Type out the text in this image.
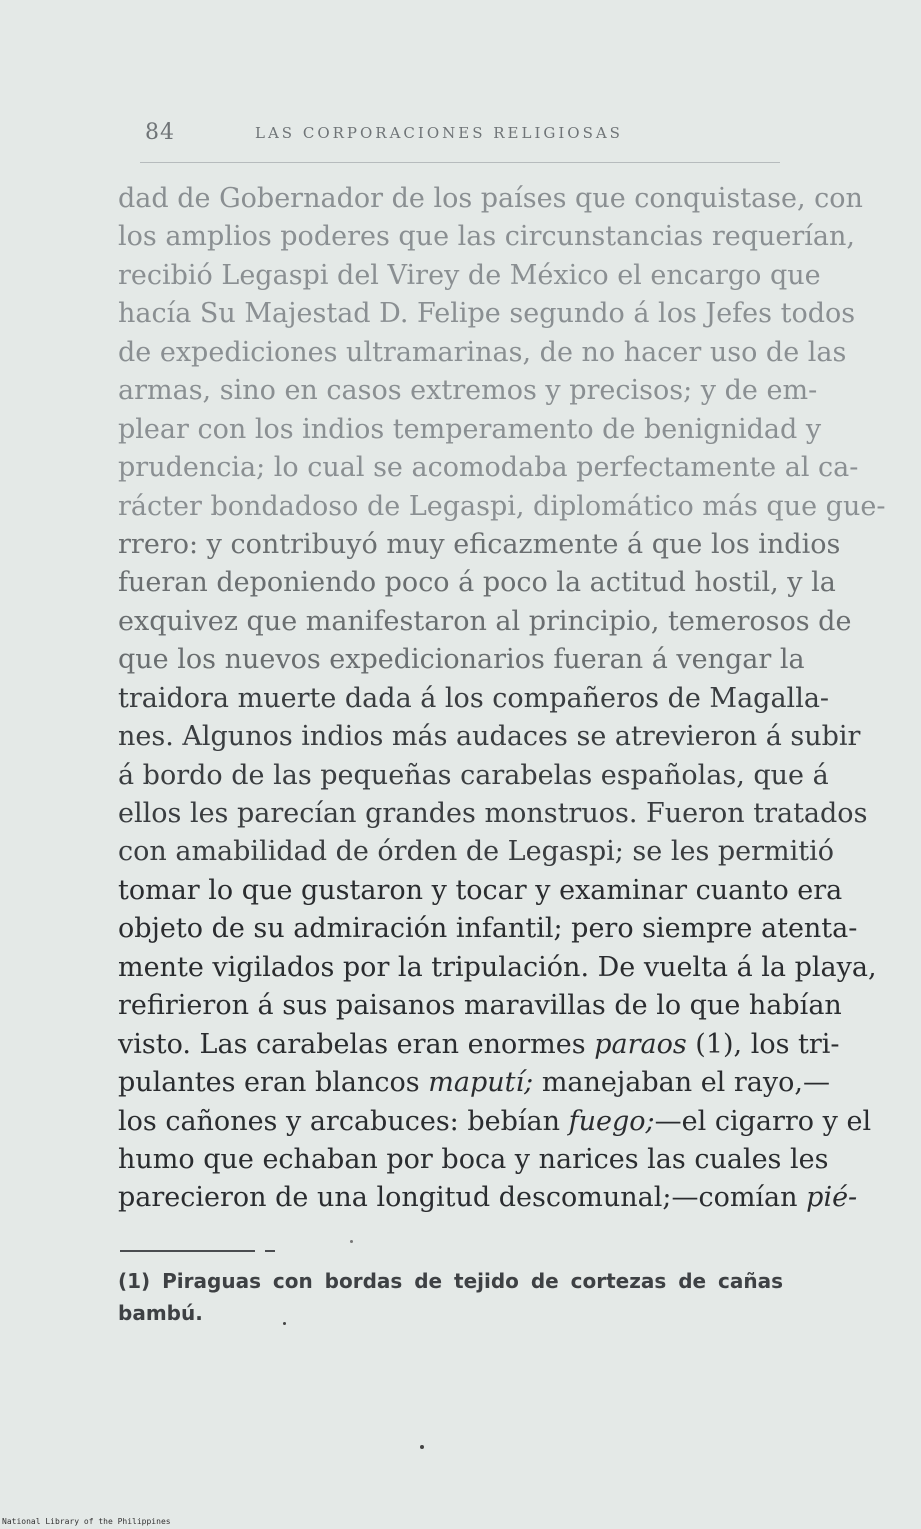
84	LAS CORPORACIONES RELIGIOSAS
dad de Gobernador de los países que conquistase, con
los amplios poderes que las circunstancias requerían,
recibió Legaspi del Virey de México el encargo que
hacía Su Majestad D. Felipe segundo á los Jefes todos
de expediciones ultramarinas, de no hacer uso de las
armas, sino en casos extremos y precisos; y de em-
plear con los indios temperamento de benignidad y
prudencia; lo cual se acomodaba perfectamente al ca-
rácter bondadoso de Legaspi, diplomático más que gue-
rrero: y contribuyó muy eficazmente á que los indios
fueran deponiendo poco á poco la actitud hostil, y la
exquivez que manifestaron al principio, temerosos de
que los nuevos expedicionarios fueran á vengar la
traidora muerte dada á los compañeros de Magalla-
nes. Algunos indios más audaces se atrevieron á subir
á bordo de las pequeñas carabelas españolas, que á
ellos les parecían grandes monstruos. Fueron tratados
con amabilidad de órden de Legaspi; se les permitió
tomar lo que gustaron y tocar y examinar cuanto era
objeto de su admiración infantil; pero siempre atenta-
mente vigilados por la tripulación. De vuelta á la playa,
refirieron á sus paisanos maravillas de lo que habían
visto. Las carabelas eran enormes paraos (1), los tri-
pulantes eran blancos maputí; manejaban el rayo,—
los cañones y arcabuces: bebían fuego;—el cigarro y el
humo que echaban por boca y narices las cuales les
parecieron de una longitud descomunal;—comían pié-
(1) Piraguas con bordas de tejido de cortezas de cañas
bambú.
National Library of the Philippines
